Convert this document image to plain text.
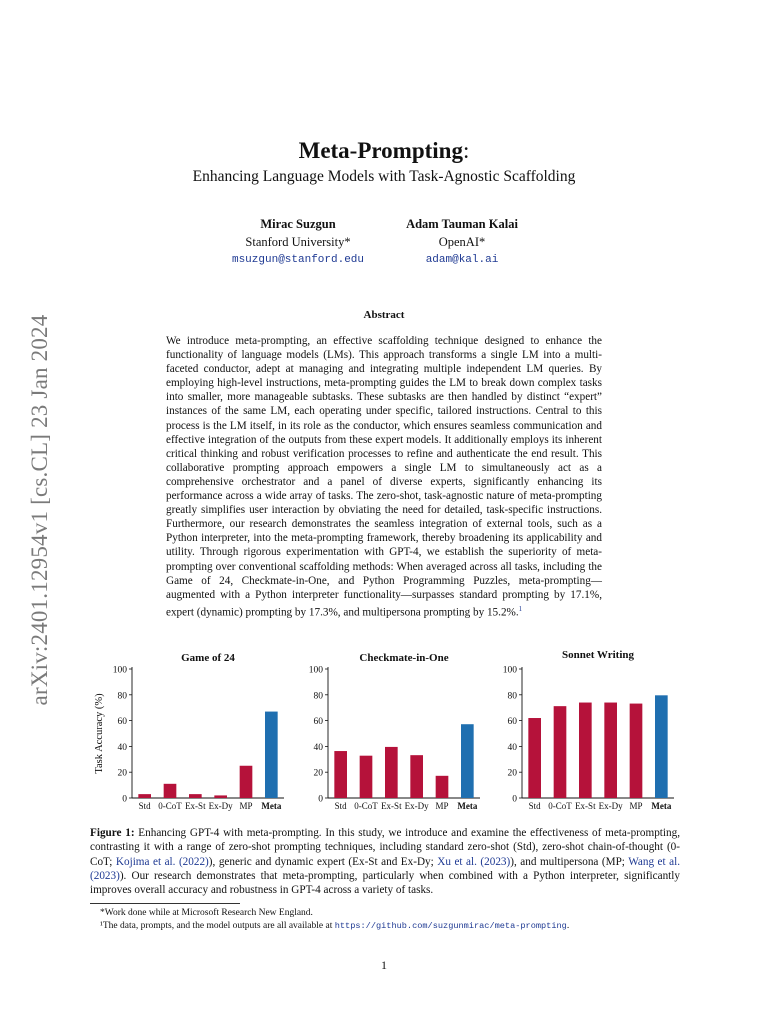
arXiv:2401.12954v1 [cs.CL] 23 Jan 2024
Meta-Prompting:
Enhancing Language Models with Task-Agnostic Scaffolding
Mirac Suzgun
Stanford University*
msuzgun@stanford.edu
Adam Tauman Kalai
OpenAI*
adam@kal.ai
Abstract
We introduce meta-prompting, an effective scaffolding technique designed to enhance the functionality of language models (LMs). This approach transforms a single LM into a multi-faceted conductor, adept at managing and integrating multiple independent LM queries. By employing high-level instructions, meta-prompting guides the LM to break down complex tasks into smaller, more manageable subtasks. These subtasks are then handled by distinct “expert” instances of the same LM, each operating under specific, tailored instructions. Central to this process is the LM itself, in its role as the conductor, which ensures seamless communication and effective integration of the outputs from these expert models. It additionally employs its inherent critical thinking and robust verification processes to refine and authenticate the end result. This collaborative prompting approach empowers a single LM to simultaneously act as a comprehensive orchestrator and a panel of diverse experts, significantly enhancing its performance across a wide array of tasks. The zero-shot, task-agnostic nature of meta-prompting greatly simplifies user interaction by obviating the need for detailed, task-specific instructions. Furthermore, our research demonstrates the seamless integration of external tools, such as a Python interpreter, into the meta-prompting framework, thereby broadening its applicability and utility. Through rigorous experimentation with GPT-4, we establish the superiority of meta-prompting over conventional scaffolding methods: When averaged across all tasks, including the Game of 24, Checkmate-in-One, and Python Programming Puzzles, meta-prompting—augmented with a Python interpreter functionality—surpasses standard prompting by 17.1%, expert (dynamic) prompting by 17.3%, and multipersona prompting by 15.2%.$^1$
Game of 24
Task Accuracy (%)
0
20
40
60
80
100
Std 0-CoT Ex-St Ex-Dy MP Meta
Checkmate-in-One
0
20
40
60
80
100
Std 0-CoT Ex-St Ex-Dy MP Meta
Sonnet Writing
0
20
40
60
80
100
Std 0-CoT Ex-St Ex-Dy MP Meta
Figure 1: Enhancing GPT-4 with meta-prompting. In this study, we introduce and examine the effectiveness of meta-prompting, contrasting it with a range of zero-shot prompting techniques, including standard zero-shot (Std), zero-shot chain-of-thought (0-CoT; Kojima et al. (2022)), generic and dynamic expert (Ex-St and Ex-Dy; Xu et al. (2023)), and multipersona (MP; Wang et al. (2023)). Our research demonstrates that meta-prompting, particularly when combined with a Python interpreter, significantly improves overall accuracy and robustness in GPT-4 across a variety of tasks.
*Work done while at Microsoft Research New England.
¹The data, prompts, and the model outputs are all available at https://github.com/suzgunmirac/meta-prompting.
1
